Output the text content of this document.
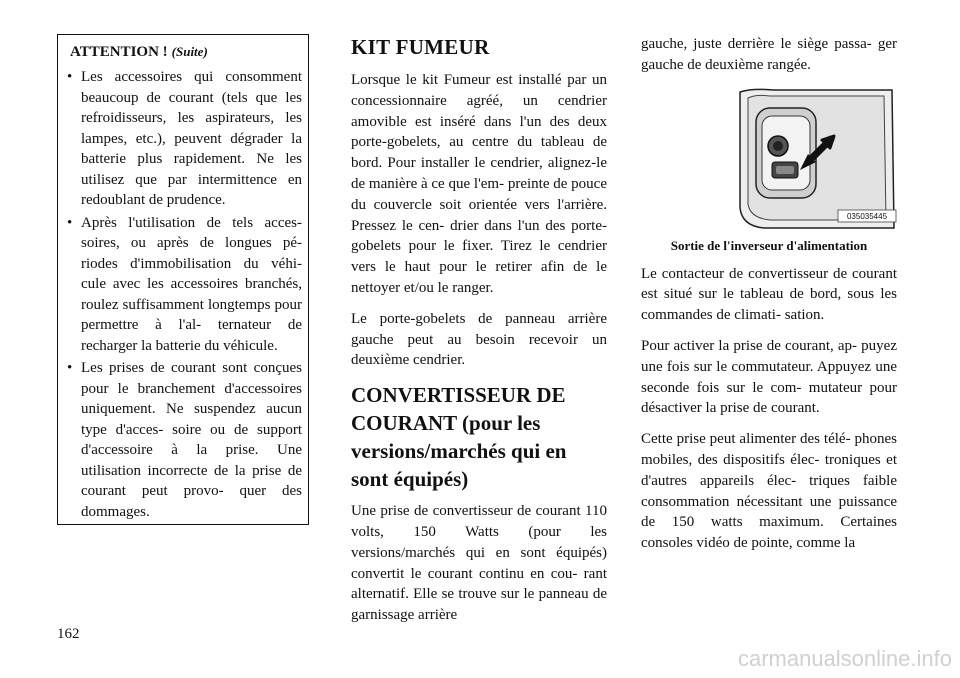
ATTENTION ! (Suite)
• Les accessoires qui consomment beaucoup de courant (tels que les refroidisseurs, les aspirateurs, les lampes, etc.), peuvent dégrader la batterie plus rapidement. Ne les utilisez que par intermittence en redoublant de prudence.
• Après l'utilisation de tels acces- soires, ou après de longues pé- riodes d'immobilisation du véhi- cule avec les accessoires branchés, roulez suffisamment longtemps pour permettre à l'al- ternateur de recharger la batterie du véhicule.
• Les prises de courant sont conçues pour le branchement d'accessoires uniquement. Ne suspendez aucun type d'acces- soire ou de support d'accessoire à la prise. Une utilisation incorrecte de la prise de courant peut provo- quer des dommages.
KIT FUMEUR

Lorsque le kit Fumeur est installé par un concessionnaire agréé, un cendrier amovible est inséré dans l'un des deux porte-gobelets, au centre du tableau de bord. Pour installer le cendrier, alignez-le de manière à ce que l'em- preinte de pouce du couvercle soit orientée vers l'arrière. Pressez le cen- drier dans l'un des porte-gobelets pour le fixer. Tirez le cendrier vers le haut pour le retirer afin de le nettoyer et/ou le ranger.

Le porte-gobelets de panneau arrière gauche peut au besoin recevoir un deuxième cendrier.

CONVERTISSEUR DE COURANT (pour les versions/marchés qui en sont équipés)

Une prise de convertisseur de courant 110 volts, 150 Watts (pour les versions/marchés qui en sont équipés) convertit le courant continu en cou- rant alternatif. Elle se trouve sur le panneau de garnissage arrière

gauche, juste derrière le siège passa- ger gauche de deuxième rangée.

035035445
Sortie de l'inverseur d'alimentation

Le contacteur de convertisseur de courant est situé sur le tableau de bord, sous les commandes de climati- sation.

Pour activer la prise de courant, ap- puyez une fois sur le commutateur. Appuyez une seconde fois sur le com- mutateur pour désactiver la prise de courant.

Cette prise peut alimenter des télé- phones mobiles, des dispositifs élec- troniques et d'autres appareils élec- triques faible consommation nécessitant une puissance de 150 watts maximum. Certaines consoles vidéo de pointe, comme la

162
carmanualsonline.info
